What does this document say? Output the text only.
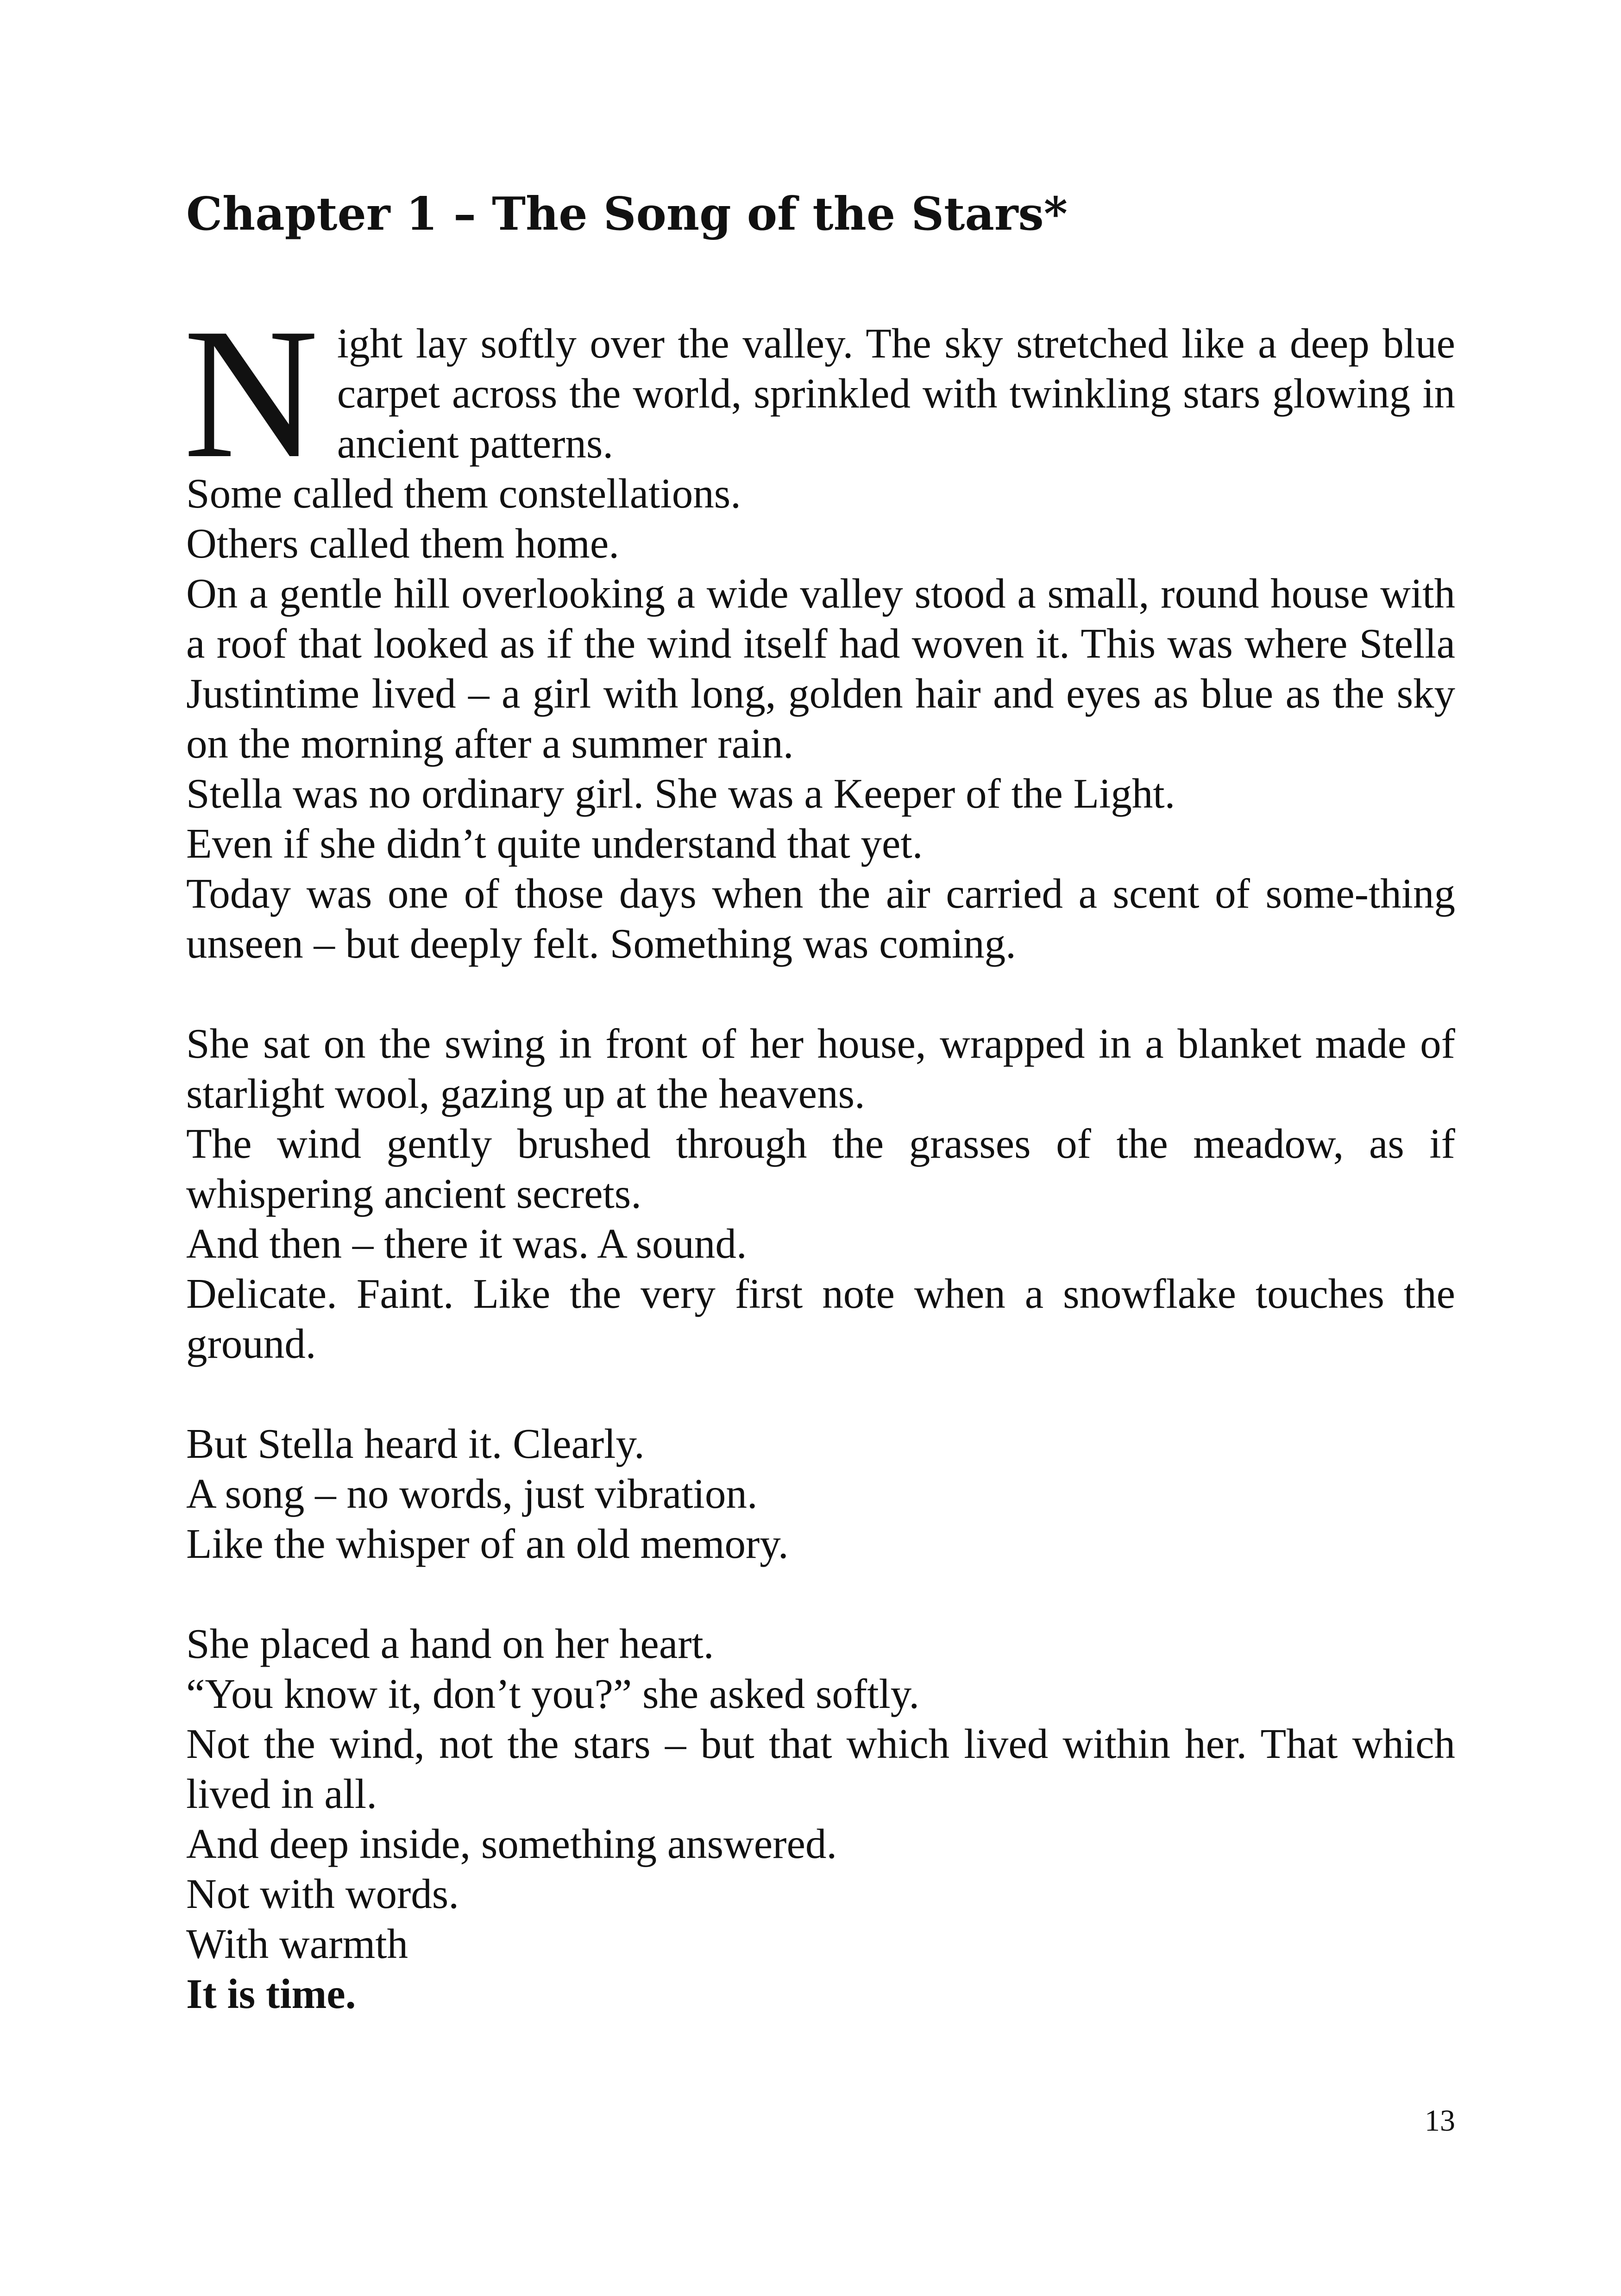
Chapter 1 – The Song of the Stars*
N ight lay softly over the valley. The sky stretched like a deep blue carpet across the world, sprinkled with twinkling stars glowing in ancient patterns.

Some called them constellations.

Others called them home.

On a gentle hill overlooking a wide valley stood a small, round house with a roof that looked as if the wind itself had woven it. This was where Stella Justintime lived – a girl with long, golden hair and eyes as blue as the sky on the morning after a summer rain.

Stella was no ordinary girl. She was a Keeper of the Light.

Even if she didn’t quite understand that yet.

Today was one of those days when the air carried a scent of some-thing unseen – but deeply felt. Something was coming.

She sat on the swing in front of her house, wrapped in a blanket made of starlight wool, gazing up at the heavens.

The wind gently brushed through the grasses of the meadow, as if whispering ancient secrets.

And then – there it was. A sound.

Delicate. Faint. Like the very first note when a snowflake touches the ground.

But Stella heard it. Clearly.

A song – no words, just vibration.

Like the whisper of an old memory.

She placed a hand on her heart.

“You know it, don’t you?” she asked softly.

Not the wind, not the stars – but that which lived within her. That which lived in all.

And deep inside, something answered.

Not with words.

With warmth

It is time.

13
